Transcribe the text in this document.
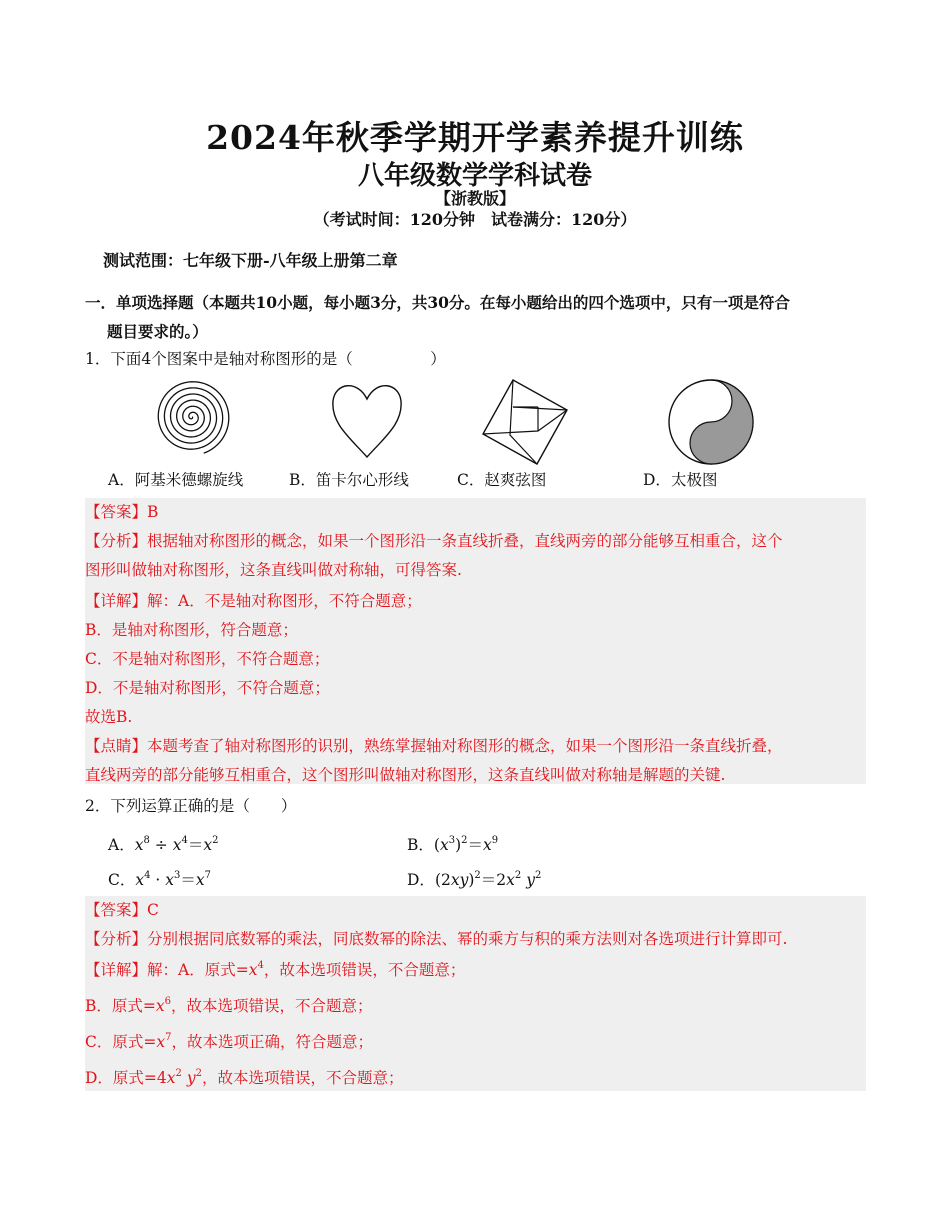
2024年秋季学期开学素养提升训练
八年级数学学科试卷
【浙教版】
（考试时间：120分钟　试卷满分：120分）
测试范围：七年级下册-八年级上册第二章
一．单项选择题（本题共10小题，每小题3分，共30分。在每小题给出的四个选项中，只有一项是符合
题目要求的。）
1．下面4个图案中是轴对称图形的是（　　　　　）
A．阿基米德螺旋线	B．笛卡尔心形线	C．赵爽弦图	D．太极图
【答案】B
【分析】根据轴对称图形的概念，如果一个图形沿一条直线折叠，直线两旁的部分能够互相重合，这个
图形叫做轴对称图形，这条直线叫做对称轴，可得答案.
【详解】解：A．不是轴对称图形，不符合题意；
B．是轴对称图形，符合题意；
C．不是轴对称图形，不符合题意；
D．不是轴对称图形，不符合题意；
故选B.
【点睛】本题考查了轴对称图形的识别，熟练掌握轴对称图形的概念，如果一个图形沿一条直线折叠，
直线两旁的部分能够互相重合，这个图形叫做轴对称图形，这条直线叫做对称轴是解题的关键.
2．下列运算正确的是（　　）
A．$x^8 \div x^4=x^2$	B．$(x^3)^2=x^9$
C．$x^4 \cdot x^3=x^7$	D．$(2xy)^2=2x^2$ $y^2$
【答案】C
【分析】分别根据同底数幂的乘法，同底数幂的除法、幂的乘方与积的乘方法则对各选项进行计算即可.
【详解】解：A．原式$=x^4$，故本选项错误，不合题意；
B．原式$=x^6$，故本选项错误，不合题意；
C．原式$=x^7$，故本选项正确，符合题意；
D．原式$=4x^2$ $y^2$，故本选项错误，不合题意；
